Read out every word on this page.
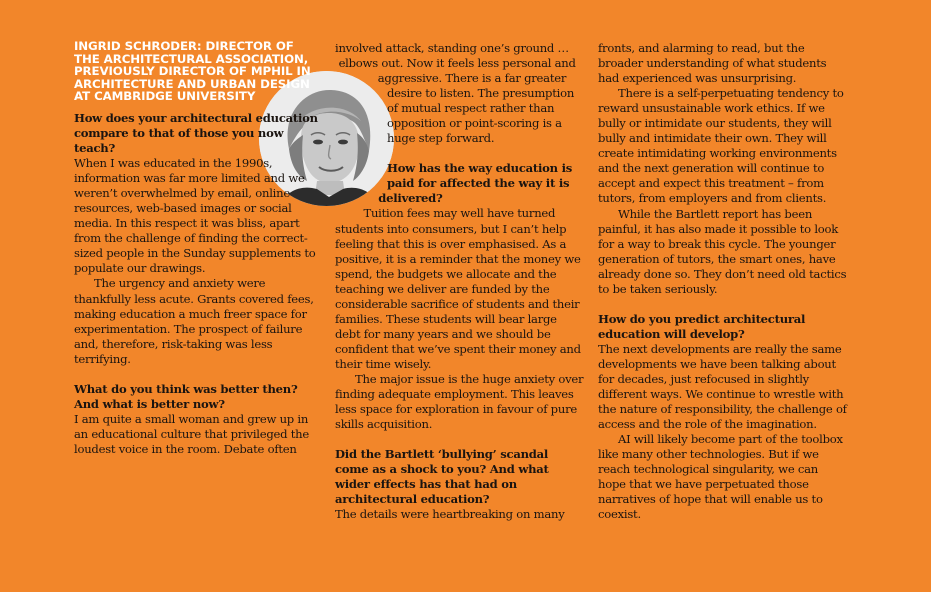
INGRID SCHRODER: DIRECTOR OF THE ARCHITECTURAL ASSOCIATION, PREVIOUSLY DIRECTOR OF MPHIL IN ARCHITECTURE AND URBAN DESIGN AT CAMBRIDGE UNIVERSITY

How does your architectural education compare to that of those you now teach?

When I was educated in the 1990s, information was far more limited and we weren’t overwhelmed by email, online resources, web-based images or social media. In this respect it was bliss, apart from the challenge of finding the correct-sized people in the Sunday supplements to populate our drawings.

The urgency and anxiety were thankfully less acute. Grants covered fees, making education a much freer space for experimentation. The prospect of failure and, therefore, risk-taking was less terrifying.

What do you think was better then? And what is better now?

I am quite a small woman and grew up in an educational culture that privileged the loudest voice in the room. Debate often

involved attack, standing one’s ground … elbows out. Now it feels less personal and aggressive. There is a far greater desire to listen. The presumption of mutual respect rather than opposition or point-scoring is a huge step forward.

How has the way education is paid for affected the way it is delivered?

Tuition fees may well have turned students into consumers, but I can’t help feeling that this is over emphasised. As a positive, it is a reminder that the money we spend, the budgets we allocate and the teaching we deliver are funded by the considerable sacrifice of students and their families. These students will bear large debt for many years and we should be confident that we’ve spent their money and their time wisely.

The major issue is the huge anxiety over finding adequate employment. This leaves less space for exploration in favour of pure skills acquisition.

Did the Bartlett ‘bullying’ scandal come as a shock to you? And what wider effects has that had on architectural education?

The details were heartbreaking on many

fronts, and alarming to read, but the broader understanding of what students had experienced was unsurprising.

There is a self-perpetuating tendency to reward unsustainable work ethics. If we bully or intimidate our students, they will bully and intimidate their own. They will create intimidating working environments and the next generation will continue to accept and expect this treatment – from tutors, from employers and from clients.

While the Bartlett report has been painful, it has also made it possible to look for a way to break this cycle. The younger generation of tutors, the smart ones, have already done so. They don’t need old tactics to be taken seriously.

How do you predict architectural education will develop?

The next developments are really the same developments we have been talking about for decades, just refocused in slightly different ways. We continue to wrestle with the nature of responsibility, the challenge of access and the role of the imagination.

AI will likely become part of the toolbox like many other technologies. But if we reach technological singularity, we can hope that we have perpetuated those narratives of hope that will enable us to coexist.
